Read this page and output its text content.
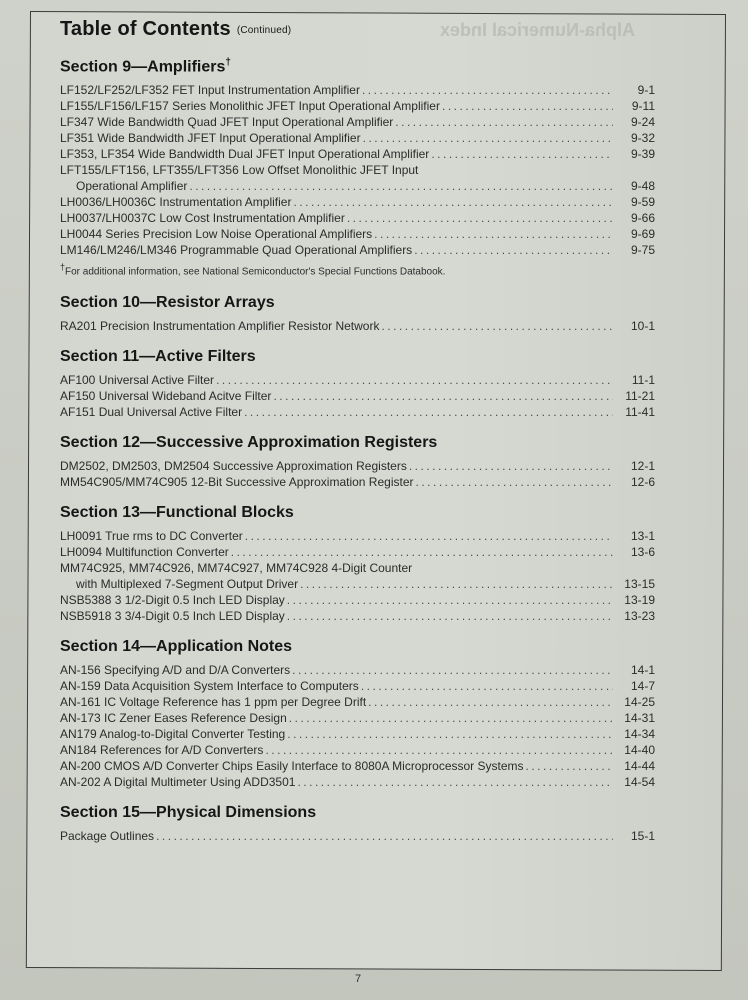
Alpha-Numerical Index
Table of Contents (Continued)
Section 9—Amplifiers†
LF152/LF252/LF352 FET Input Instrumentation Amplifier .....	9-1
LF155/LF156/LF157 Series Monolithic JFET Input Operational Amplifier .....	9-11
LF347 Wide Bandwidth Quad JFET Input Operational Amplifier .....	9-24
LF351 Wide Bandwidth JFET Input Operational Amplifier .....	9-32
LF353, LF354 Wide Bandwidth Dual JFET Input Operational Amplifier .....	9-39
LFT155/LFT156, LFT355/LFT356 Low Offset Monolithic JFET Input
Operational Amplifier .....	9-48
LH0036/LH0036C Instrumentation Amplifier .....	9-59
LH0037/LH0037C Low Cost Instrumentation Amplifier .....	9-66
LH0044 Series Precision Low Noise Operational Amplifiers .....	9-69
LM146/LM246/LM346 Programmable Quad Operational Amplifiers .....	9-75
†For additional information, see National Semiconductor's Special Functions Databook.
Section 10—Resistor Arrays
RA201 Precision Instrumentation Amplifier Resistor Network .....	10-1
Section 11—Active Filters
AF100 Universal Active Filter .....	11-1
AF150 Universal Wideband Acitve Filter .....	11-21
AF151 Dual Universal Active Filter .....	11-41
Section 12—Successive Approximation Registers
DM2502, DM2503, DM2504 Successive Approximation Registers .....	12-1
MM54C905/MM74C905 12-Bit Successive Approximation Register .....	12-6
Section 13—Functional Blocks
LH0091 True rms to DC Converter .....	13-1
LH0094 Multifunction Converter .....	13-6
MM74C925, MM74C926, MM74C927, MM74C928 4-Digit Counter
with Multiplexed 7-Segment Output Driver .....	13-15
NSB5388 3 1/2-Digit 0.5 Inch LED Display .....	13-19
NSB5918 3 3/4-Digit 0.5 Inch LED Display .....	13-23
Section 14—Application Notes
AN-156 Specifying A/D and D/A Converters .....	14-1
AN-159 Data Acquisition System Interface to Computers .....	14-7
AN-161 IC Voltage Reference has 1 ppm per Degree Drift .....	14-25
AN-173 IC Zener Eases Reference Design .....	14-31
AN179 Analog-to-Digital Converter Testing .....	14-34
AN184 References for A/D Converters .....	14-40
AN-200 CMOS A/D Converter Chips Easily Interface to 8080A Microprocessor Systems .....	14-44
AN-202 A Digital Multimeter Using ADD3501 .....	14-54
Section 15—Physical Dimensions
Package Outlines .....	15-1
7
